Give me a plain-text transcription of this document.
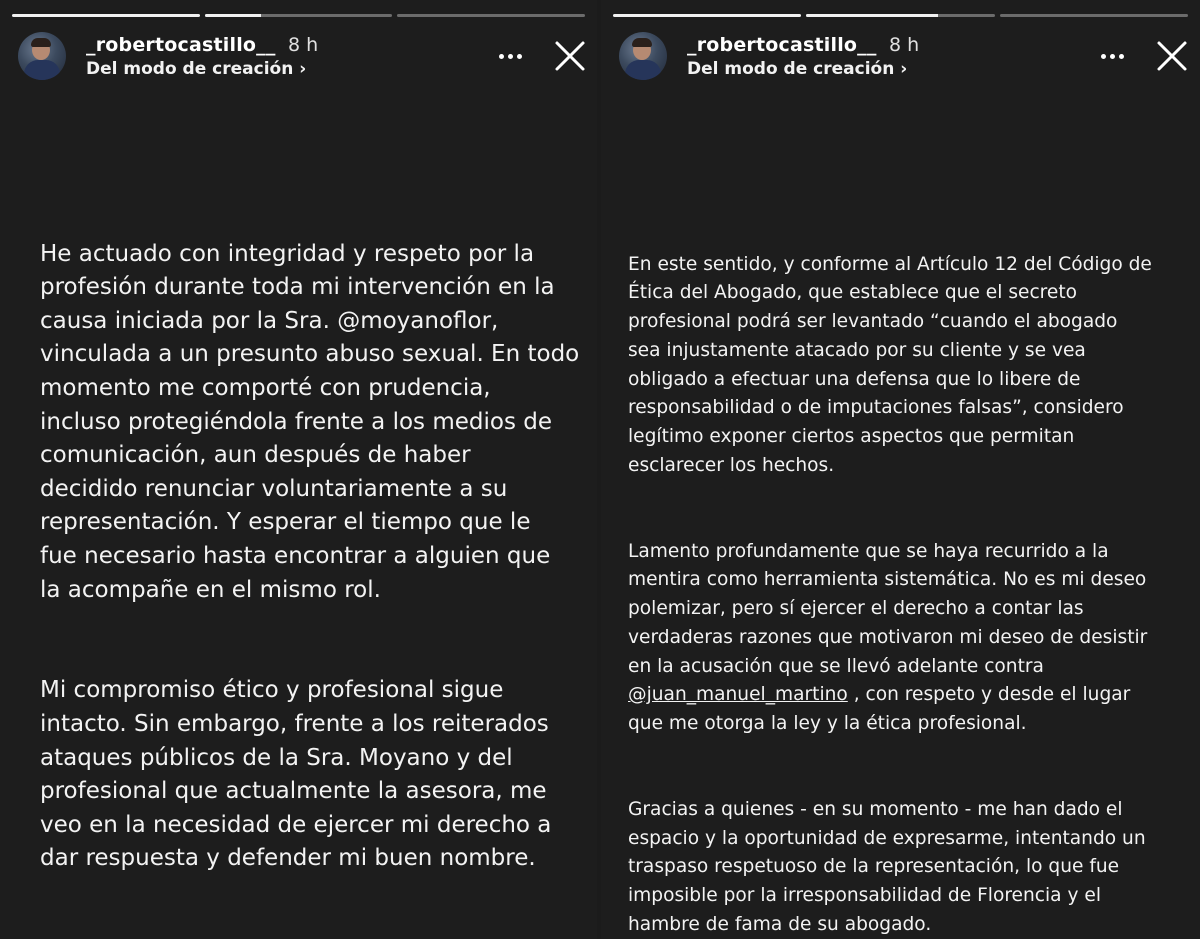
_robertocastillo__ 8 h
Del modo de creación ›

He actuado con integridad y respeto por la
profesión durante toda mi intervención en la
causa iniciada por la Sra. @moyanoflor,
vinculada a un presunto abuso sexual. En todo
momento me comporté con prudencia,
incluso protegiéndola frente a los medios de
comunicación, aun después de haber
decidido renunciar voluntariamente a su
representación. Y esperar el tiempo que le
fue necesario hasta encontrar a alguien que
la acompañe en el mismo rol.

Mi compromiso ético y profesional sigue
intacto. Sin embargo, frente a los reiterados
ataques públicos de la Sra. Moyano y del
profesional que actualmente la asesora, me
veo en la necesidad de ejercer mi derecho a
dar respuesta y defender mi buen nombre.

_robertocastillo__ 8 h
Del modo de creación ›

En este sentido, y conforme al Artículo 12 del Código de
Ética del Abogado, que establece que el secreto
profesional podrá ser levantado “cuando el abogado
sea injustamente atacado por su cliente y se vea
obligado a efectuar una defensa que lo libere de
responsabilidad o de imputaciones falsas”, considero
legítimo exponer ciertos aspectos que permitan
esclarecer los hechos.

Lamento profundamente que se haya recurrido a la
mentira como herramienta sistemática. No es mi deseo
polemizar, pero sí ejercer el derecho a contar las
verdaderas razones que motivaron mi deseo de desistir
en la acusación que se llevó adelante contra
@juan_manuel_martino , con respeto y desde el lugar
que me otorga la ley y la ética profesional.

Gracias a quienes - en su momento - me han dado el
espacio y la oportunidad de expresarme, intentando un
traspaso respetuoso de la representación, lo que fue
imposible por la irresponsabilidad de Florencia y el
hambre de fama de su abogado.
